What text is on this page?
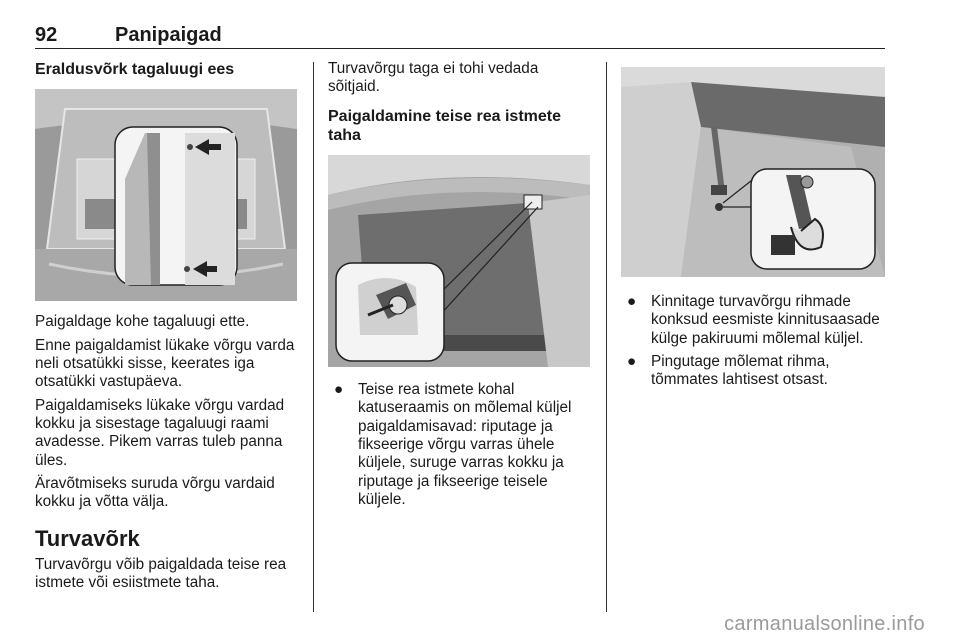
92	Panipaigad
Eraldusvõrk tagaluugi ees

Paigaldage kohe tagaluugi ette.

Enne paigaldamist lükake võrgu varda neli otsatükki sisse, keerates iga otsatükki vastupäeva.

Paigaldamiseks lükake võrgu vardad kokku ja sisestage tagaluugi raami avadesse. Pikem varras tuleb panna üles.

Äravõtmiseks suruda võrgu vardaid kokku ja võtta välja.

Turvavõrk

Turvavõrgu võib paigaldada teise rea istmete või esiistmete taha.

Turvavõrgu taga ei tohi vedada sõitjaid.

Paigaldamine teise rea istmete taha
● Teise rea istmete kohal katuseraamis on mõlemal küljel paigaldamisavad: riputage ja fikseerige võrgu varras ühele küljele, suruge varras kokku ja riputage ja fikseerige teisele küljele.
● Kinnitage turvavõrgu rihmade konksud eesmiste kinnitusaasade külge pakiruumi mõlemal küljel.
● Pingutage mõlemat rihma, tõmmates lahtisest otsast.
carmanualsonline.info
